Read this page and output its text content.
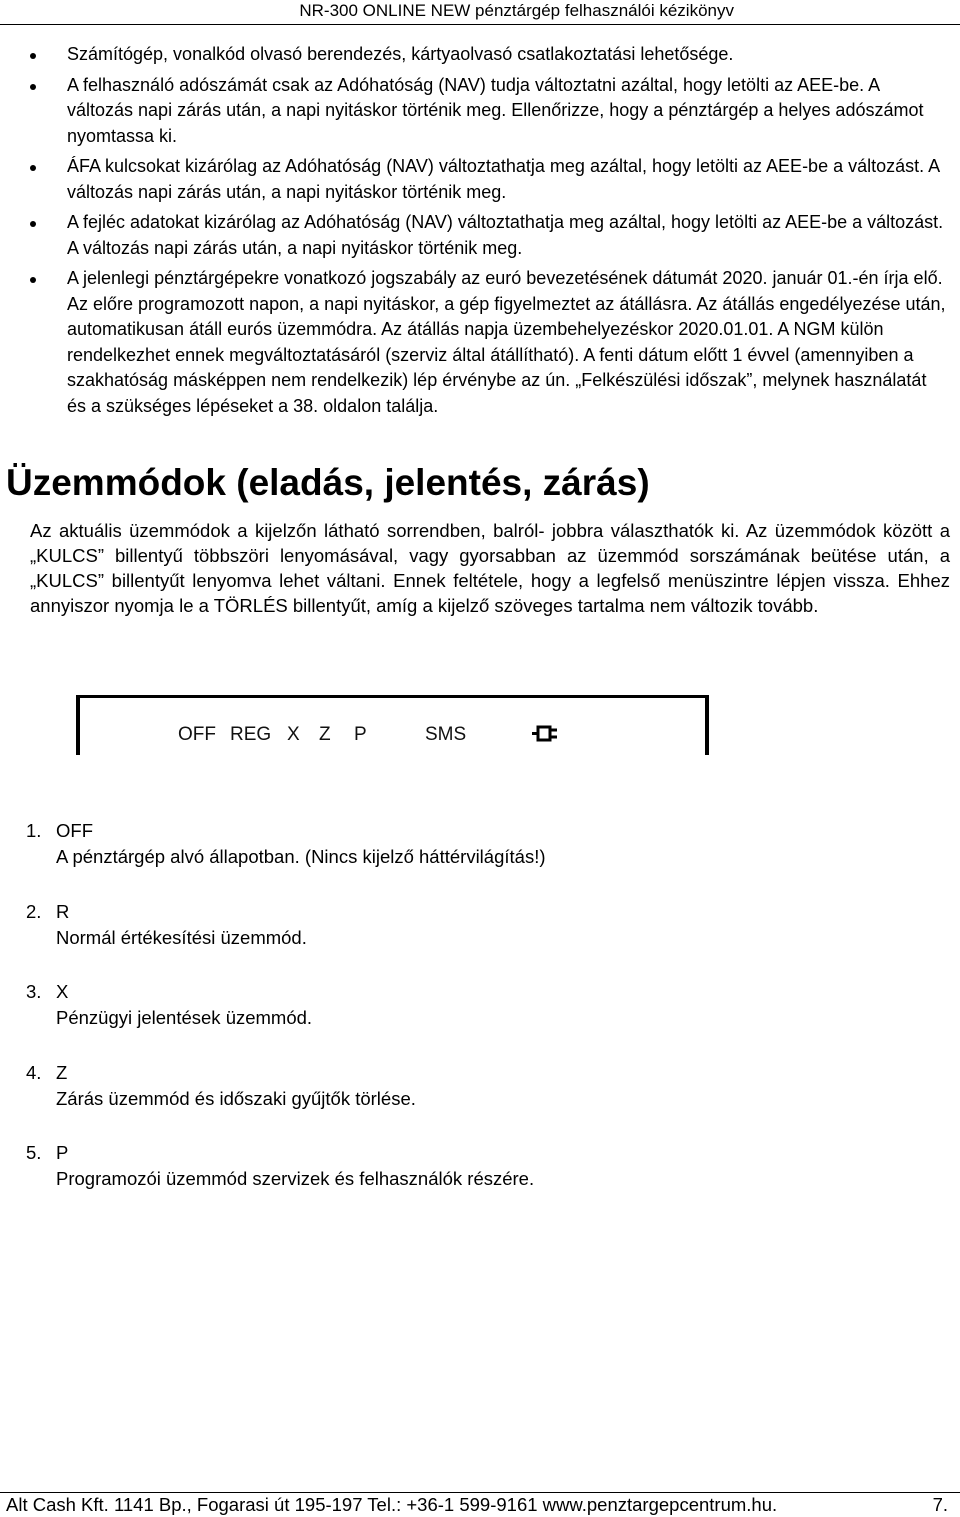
NR-300 ONLINE NEW pénztárgép felhasználói kézikönyv
Számítógép, vonalkód olvasó berendezés, kártyaolvasó csatlakoztatási lehetősége.
A felhasználó adószámát csak az Adóhatóság (NAV) tudja változtatni azáltal, hogy letölti az AEE-be. A változás napi zárás után, a napi nyitáskor történik meg. Ellenőrizze, hogy a pénztárgép a helyes adószámot nyomtassa ki.
ÁFA kulcsokat kizárólag az Adóhatóság (NAV) változtathatja meg azáltal, hogy letölti az AEE-be a változást. A változás napi zárás után, a napi nyitáskor történik meg.
A fejléc adatokat kizárólag az Adóhatóság (NAV) változtathatja meg azáltal, hogy letölti az AEE-be a változást. A változás napi zárás után, a napi nyitáskor történik meg.
A jelenlegi pénztárgépekre vonatkozó jogszabály az euró bevezetésének dátumát 2020. január 01.-én írja elő. Az előre programozott napon, a napi nyitáskor, a gép figyelmeztet az átállásra. Az átállás engedélyezése után, automatikusan átáll eurós üzemmódra. Az átállás napja üzembehelyezéskor 2020.01.01. A NGM külön rendelkezhet ennek megváltoztatásáról (szerviz által átállítható). A fenti dátum előtt 1 évvel (amennyiben a szakhatóság másképpen nem rendelkezik) lép érvénybe az ún. „Felkészülési időszak”, melynek használatát és a szükséges lépéseket a 38. oldalon találja.
Üzemmódok (eladás, jelentés, zárás)

Az aktuális üzemmódok a kijelzőn látható sorrendben, balról- jobbra választhatók ki. Az üzemmódok között a „KULCS” billentyű többszöri lenyomásával, vagy gyorsabban az üzemmód sorszámának beütése után, a „KULCS” billentyűt lenyomva lehet váltani. Ennek feltétele, hogy a legfelső menüszintre lépjen vissza. Ehhez annyiszor nyomja le a TÖRLÉS billentyűt, amíg a kijelző szöveges tartalma nem változik tovább.

OFF REG X Z P	SMS
1. OFF
A pénztárgép alvó állapotban. (Nincs kijelző háttérvilágítás!)
2. R
Normál értékesítési üzemmód.
3. X
Pénzügyi jelentések üzemmód.
4. Z
Zárás üzemmód és időszaki gyűjtők törlése.
5. P
Programozói üzemmód szervizek és felhasználók részére.
Alt Cash Kft. 1141 Bp., Fogarasi út 195-197 Tel.: +36-1 599-9161 www.penztargepcentrum.hu.	7.
